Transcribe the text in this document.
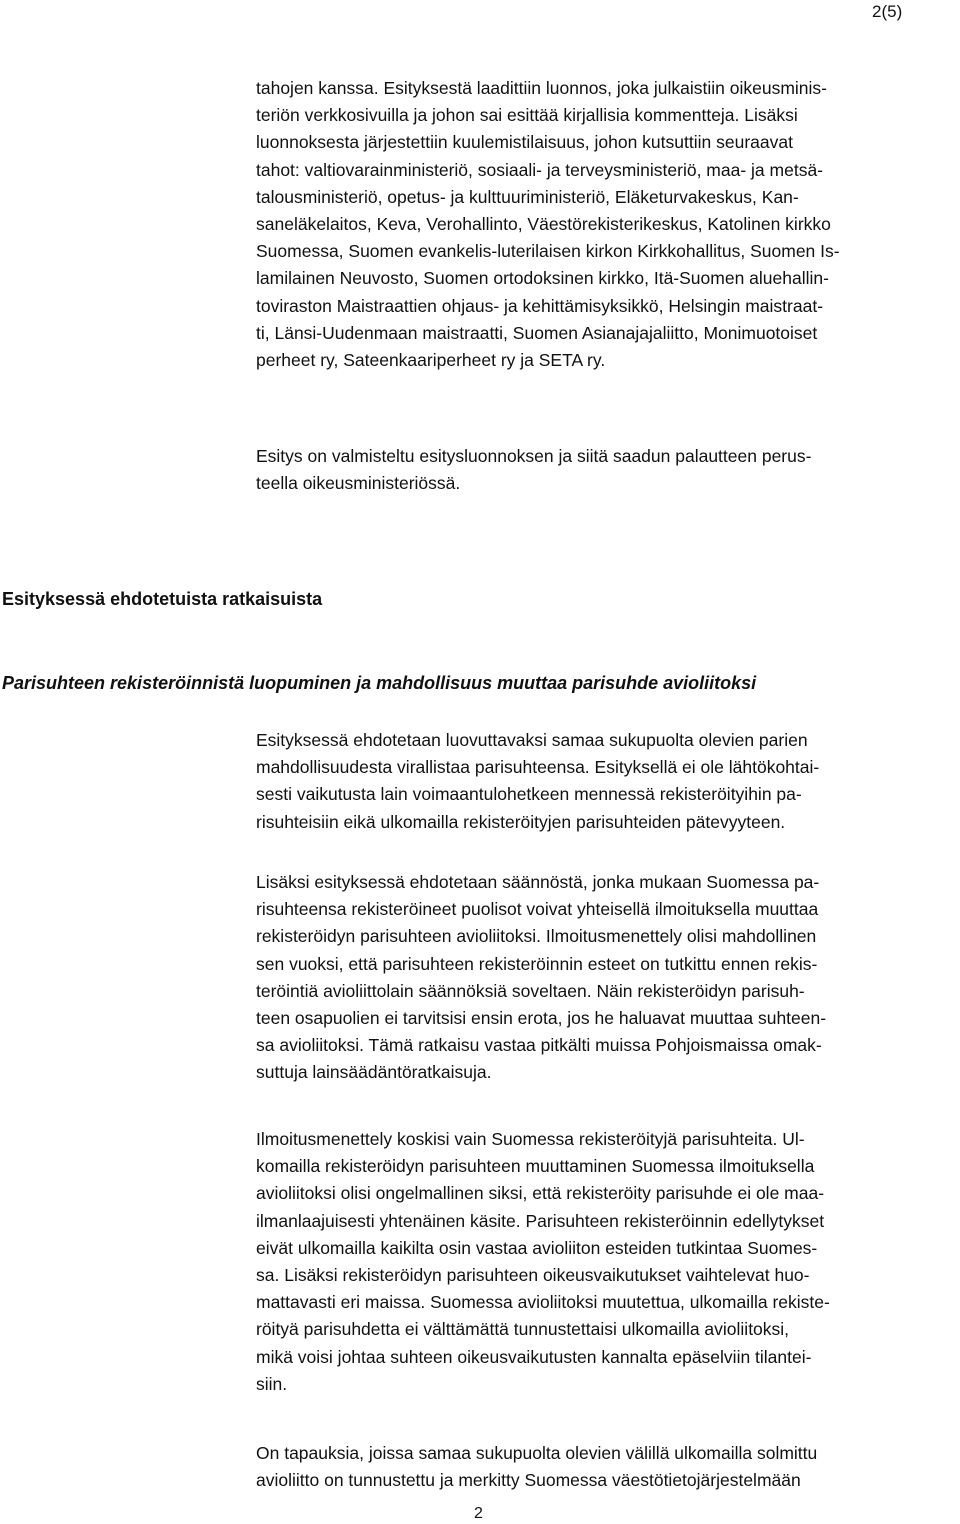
2(5)

tahojen kanssa. Esityksestä laadittiin luonnos, joka julkaistiin oikeusminis-
teriön verkkosivuilla ja johon sai esittää kirjallisia kommentteja. Lisäksi
luonnoksesta järjestettiin kuulemistilaisuus, johon kutsuttiin seuraavat
tahot: valtiovarainministeriö, sosiaali- ja terveysministeriö, maa- ja metsä-
talousministeriö, opetus- ja kulttuuriministeriö, Eläketurvakeskus, Kan-
saneläkelaitos, Keva, Verohallinto, Väestörekisterikeskus, Katolinen kirkko
Suomessa, Suomen evankelis-luterilaisen kirkon Kirkkohallitus, Suomen Is-
lamilainen Neuvosto, Suomen ortodoksinen kirkko, Itä-Suomen aluehallin-
toviraston Maistraattien ohjaus- ja kehittämisyksikkö, Helsingin maistraat-
ti, Länsi-Uudenmaan maistraatti, Suomen Asianajajaliitto, Monimuotoiset
perheet ry, Sateenkaariperheet ry ja SETA ry.

Esitys on valmisteltu esitysluonnoksen ja siitä saadun palautteen perus-
teella oikeusministeriössä.

Esityksessä ehdotetuista ratkaisuista
Parisuhteen rekisteröinnistä luopuminen ja mahdollisuus muuttaa parisuhde avioliitoksi

Esityksessä ehdotetaan luovuttavaksi samaa sukupuolta olevien parien
mahdollisuudesta virallistaa parisuhteensa. Esityksellä ei ole lähtökohtai-
sesti vaikutusta lain voimaantulohetkeen mennessä rekisteröityihin pa-
risuhteisiin eikä ulkomailla rekisteröityjen parisuhteiden pätevyyteen.

Lisäksi esityksessä ehdotetaan säännöstä, jonka mukaan Suomessa pa-
risuhteensa rekisteröineet puolisot voivat yhteisellä ilmoituksella muuttaa
rekisteröidyn parisuhteen avioliitoksi. Ilmoitusmenettely olisi mahdollinen
sen vuoksi, että parisuhteen rekisteröinnin esteet on tutkittu ennen rekis-
teröintiä avioliittolain säännöksiä soveltaen. Näin rekisteröidyn parisuh-
teen osapuolien ei tarvitsisi ensin erota, jos he haluavat muuttaa suhteen-
sa avioliitoksi. Tämä ratkaisu vastaa pitkälti muissa Pohjoismaissa omak-
suttuja lainsäädäntöratkaisuja.

Ilmoitusmenettely koskisi vain Suomessa rekisteröityjä parisuhteita. Ul-
komailla rekisteröidyn parisuhteen muuttaminen Suomessa ilmoituksella
avioliitoksi olisi ongelmallinen siksi, että rekisteröity parisuhde ei ole maa-
ilmanlaajuisesti yhtenäinen käsite. Parisuhteen rekisteröinnin edellytykset
eivät ulkomailla kaikilta osin vastaa avioliiton esteiden tutkintaa Suomes-
sa. Lisäksi rekisteröidyn parisuhteen oikeusvaikutukset vaihtelevat huo-
mattavasti eri maissa. Suomessa avioliitoksi muutettua, ulkomailla rekiste-
röityä parisuhdetta ei välttämättä tunnustettaisi ulkomailla avioliitoksi,
mikä voisi johtaa suhteen oikeusvaikutusten kannalta epäselviin tilantei-
siin.

On tapauksia, joissa samaa sukupuolta olevien välillä ulkomailla solmittu
avioliitto on tunnustettu ja merkitty Suomessa väestötietojärjestelmään

2
